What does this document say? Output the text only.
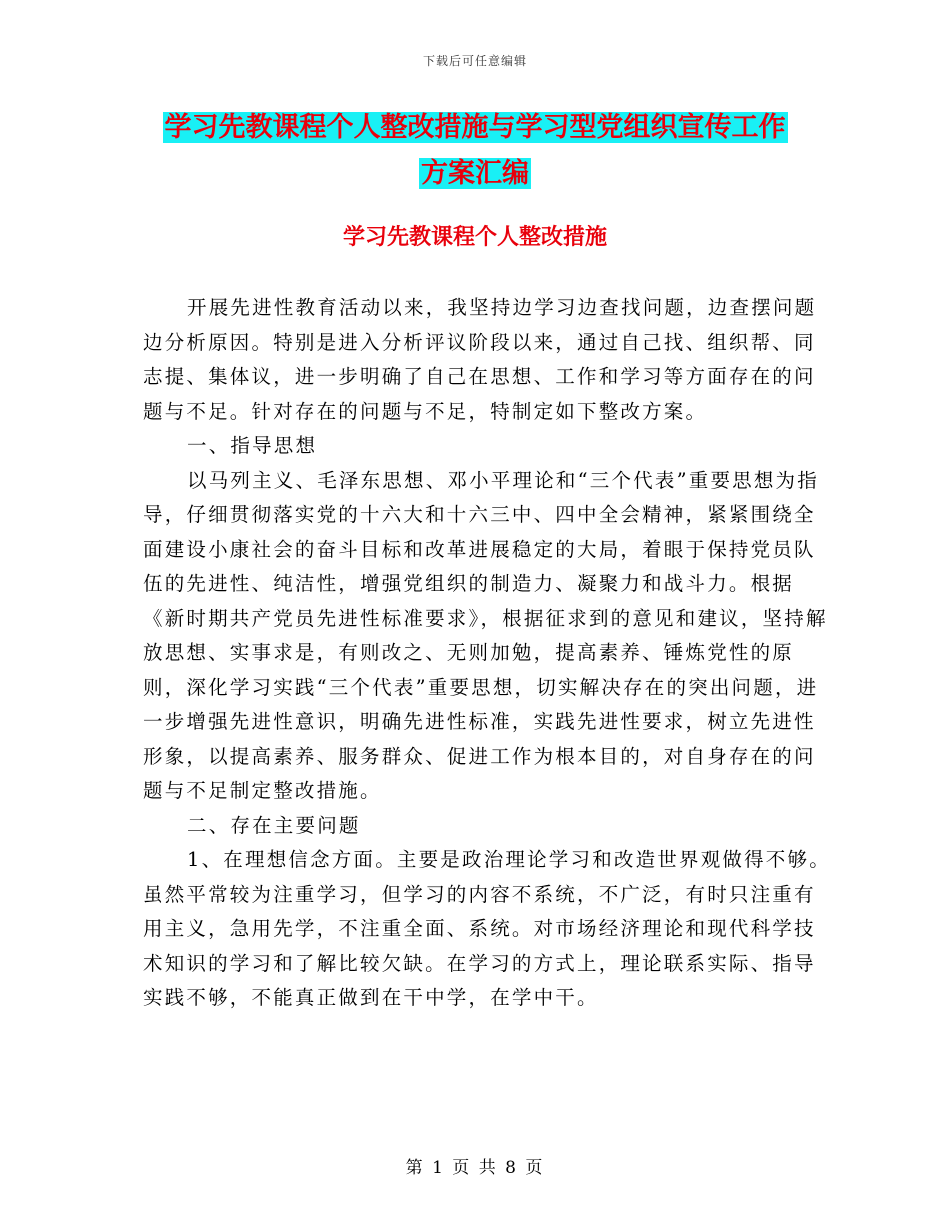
下载后可任意编辑
学习先教课程个人整改措施与学习型党组织宣传工作
方案汇编
学习先教课程个人整改措施

开展先进性教育活动以来，我坚持边学习边查找问题，边查摆问题边分析原因。特别是进入分析评议阶段以来，通过自己找、组织帮、同志提、集体议，进一步明确了自己在思想、工作和学习等方面存在的问题与不足。针对存在的问题与不足，特制定如下整改方案。

一、指导思想

以马列主义、毛泽东思想、邓小平理论和“三个代表”重要思想为指导，仔细贯彻落实党的十六大和十六三中、四中全会精神，紧紧围绕全面建设小康社会的奋斗目标和改革进展稳定的大局，着眼于保持党员队伍的先进性、纯洁性，增强党组织的制造力、凝聚力和战斗力。根据《新时期共产党员先进性标准要求》，根据征求到的意见和建议，坚持解放思想、实事求是，有则改之、无则加勉，提高素养、锤炼党性的原则，深化学习实践“三个代表”重要思想，切实解决存在的突出问题，进一步增强先进性意识，明确先进性标准，实践先进性要求，树立先进性形象，以提高素养、服务群众、促进工作为根本目的，对自身存在的问题与不足制定整改措施。

二、存在主要问题

1、在理想信念方面。主要是政治理论学习和改造世界观做得不够。虽然平常较为注重学习，但学习的内容不系统，不广泛，有时只注重有用主义，急用先学，不注重全面、系统。对市场经济理论和现代科学技术知识的学习和了解比较欠缺。在学习的方式上，理论联系实际、指导实践不够，不能真正做到在干中学，在学中干。

第 1 页 共 8 页
